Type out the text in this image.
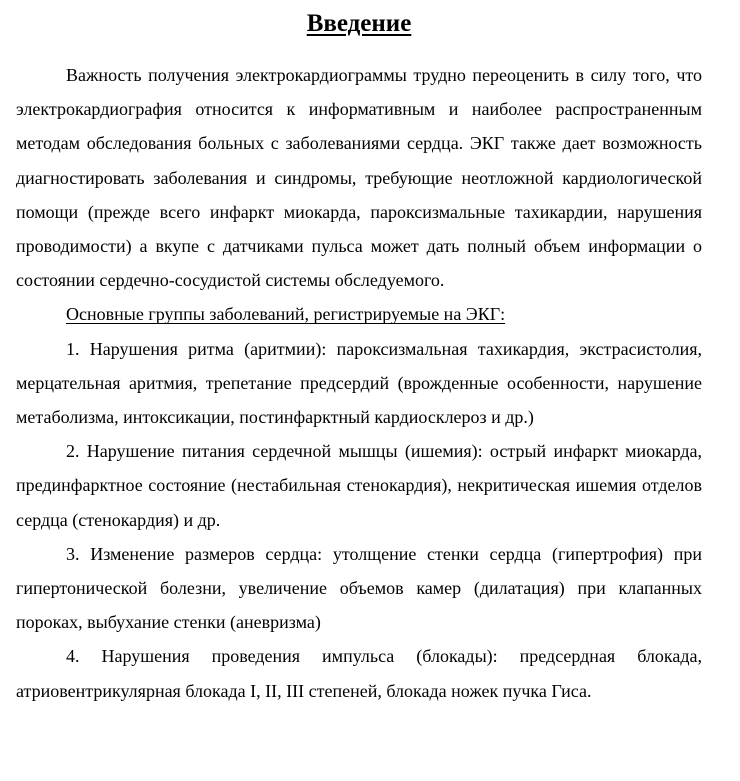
Введение

Важность получения электрокардиограммы трудно переоценить в силу того, что электрокардиография относится к информативным и наиболее распространенным методам обследования больных с заболеваниями сердца. ЭКГ также дает возможность диагностировать заболевания и синдромы, требующие неотложной кардиологической помощи (прежде всего инфаркт миокарда, пароксизмальные тахикардии, нарушения проводимости) а вкупе с датчиками пульса может дать полный объем информации о состоянии сердечно-сосудистой системы обследуемого.

Основные группы заболеваний, регистрируемые на ЭКГ:

1. Нарушения ритма (аритмии): пароксизмальная тахикардия, экстрасистолия, мерцательная аритмия, трепетание предсердий (врожденные особенности, нарушение метаболизма, интоксикации, постинфарктный кардиосклероз и др.)

2. Нарушение питания сердечной мышцы (ишемия): острый инфаркт миокарда, прединфарктное состояние (нестабильная стенокардия), некритическая ишемия отделов сердца (стенокардия) и др.

3. Изменение размеров сердца: утолщение стенки сердца (гипертрофия) при гипертонической болезни, увеличение объемов камер (дилатация) при клапанных пороках, выбухание стенки (аневризма)

4. Нарушения проведения импульса (блокады): предсердная блокада, атриовентрикулярная блокада I, II, III степеней, блокада ножек пучка Гиса.
